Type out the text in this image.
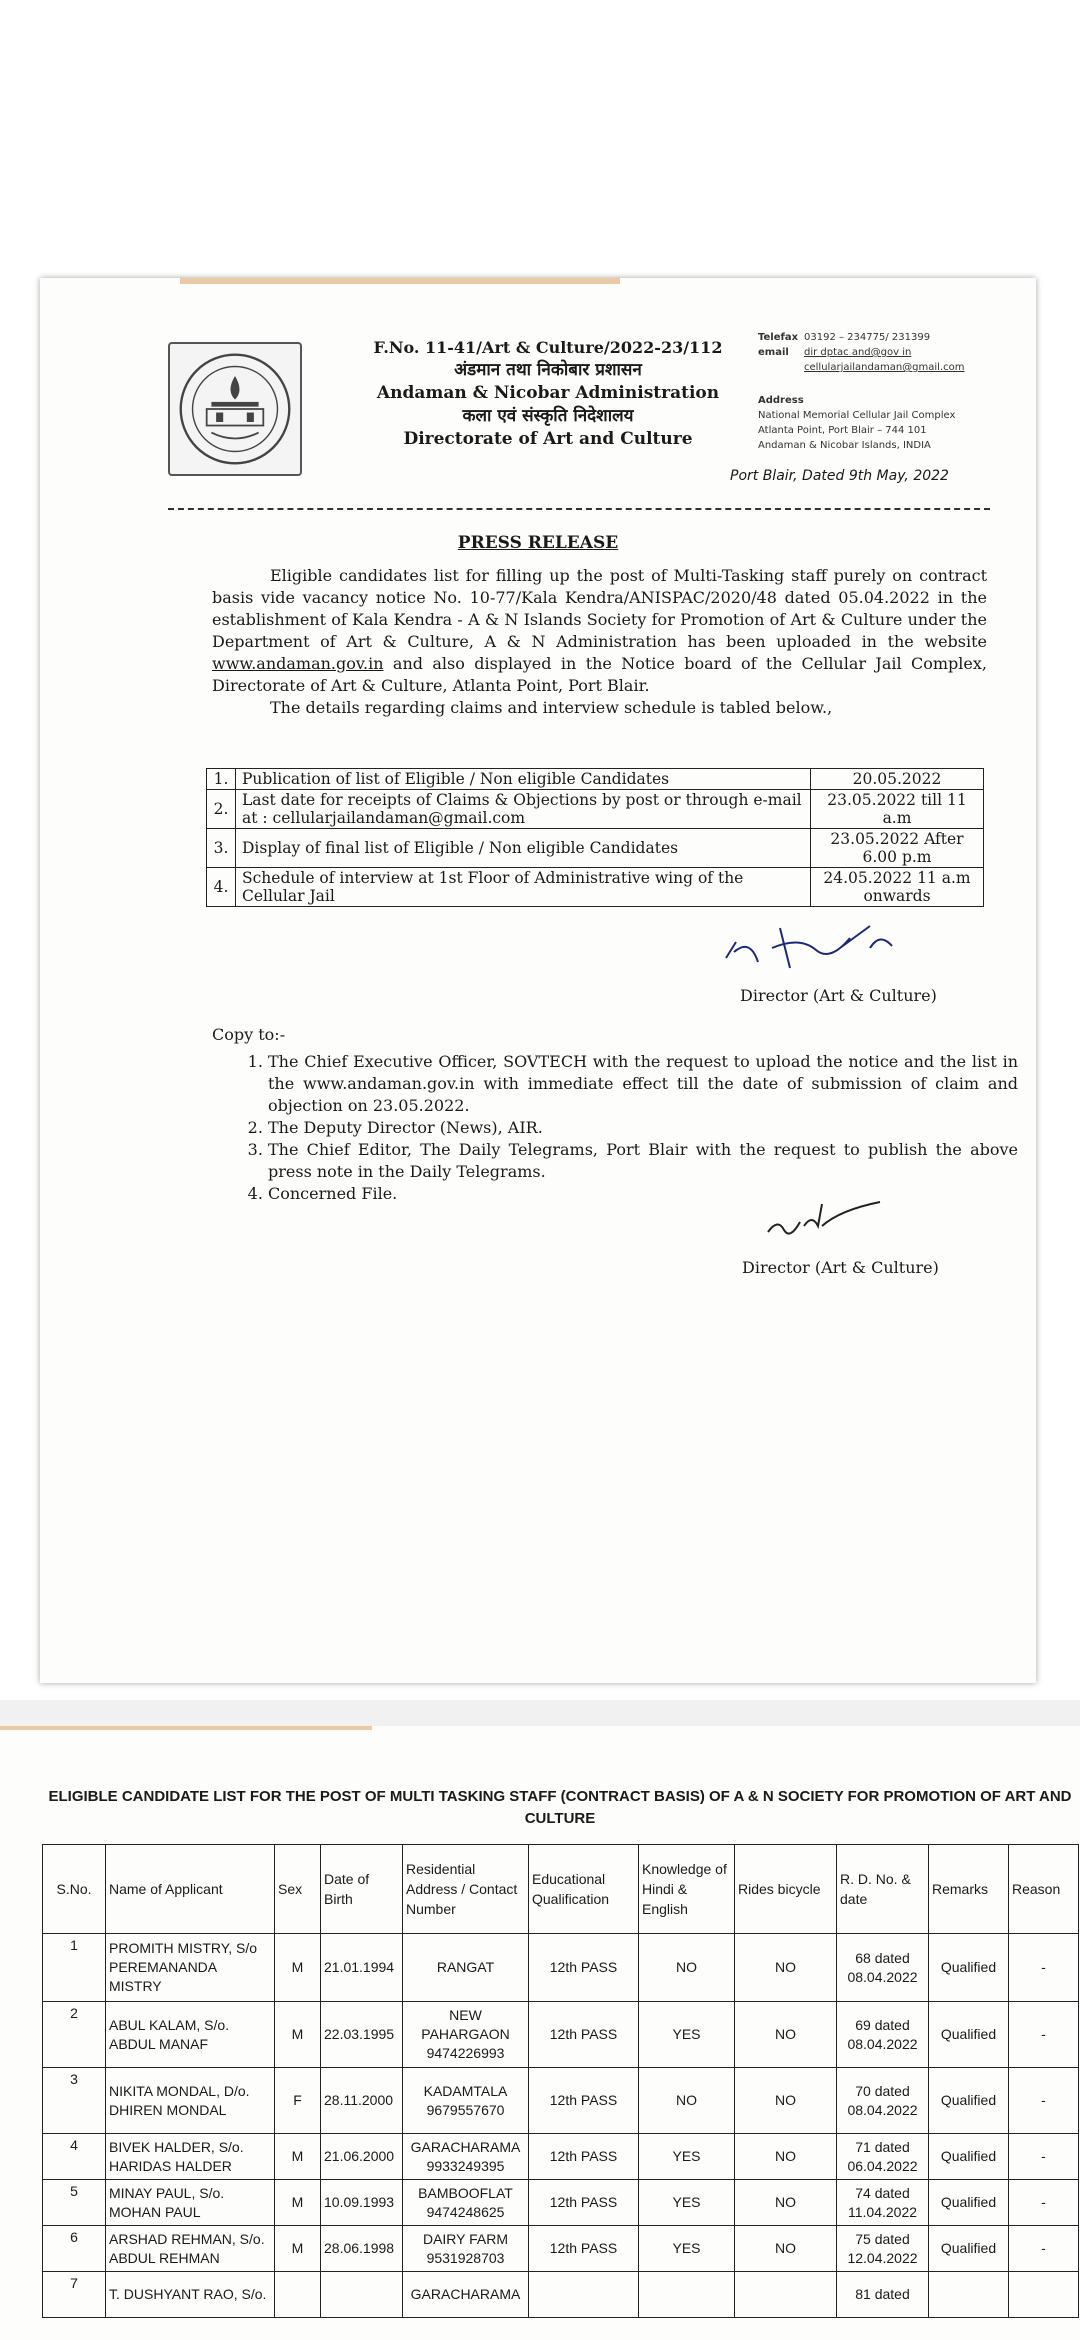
F.No. 11-41/Art & Culture/2022-23/112
अंडमान तथा निकोबार प्रशासन
Andaman & Nicobar Administration
कला एवं संस्कृति निदेशालय
Directorate of Art and Culture
Telefax 03192 – 234775/ 231399
email	dir dptac and@gov in
cellularjailandaman@gmail.com
Address
National Memorial Cellular Jail Complex
Atlanta Point, Port Blair – 744 101
Andaman & Nicobar Islands, INDIA
Port Blair, Dated 9th May, 2022
PRESS RELEASE

Eligible candidates list for filling up the post of Multi-Tasking staff purely on contract basis vide vacancy notice No. 10-77/Kala Kendra/ANISPAC/2020/48 dated 05.04.2022 in the establishment of Kala Kendra - A & N Islands Society for Promotion of Art & Culture under the Department of Art & Culture, A & N Administration has been uploaded in the website www.andaman.gov.in and also displayed in the Notice board of the Cellular Jail Complex, Directorate of Art & Culture, Atlanta Point, Port Blair.

The details regarding claims and interview schedule is tabled below.,

1.	Publication of list of Eligible / Non eligible Candidates	20.05.2022
2.	Last date for receipts of Claims & Objections by post or through e-mail at : cellularjailandaman@gmail.com	23.05.2022 till 11 a.m
3.	Display of final list of Eligible / Non eligible Candidates	23.05.2022 After 6.00 p.m
4.	Schedule of interview at 1st Floor of Administrative wing of the Cellular Jail	24.05.2022 11 a.m onwards
Director (Art & Culture)
Copy to:-
1. The Chief Executive Officer, SOVTECH with the request to upload the notice and the list in the www.andaman.gov.in with immediate effect till the date of submission of claim and objection on 23.05.2022.
2. The Deputy Director (News), AIR.
3. The Chief Editor, The Daily Telegrams, Port Blair with the request to publish the above press note in the Daily Telegrams.
4. Concerned File.
Director (Art & Culture)
ELIGIBLE CANDIDATE LIST FOR THE POST OF MULTI TASKING STAFF (CONTRACT BASIS) OF A & N SOCIETY FOR PROMOTION OF ART AND CULTURE
S.No.	Name of Applicant	Sex	Date of Birth	Residential Address / Contact Number	Educational Qualification	Knowledge of Hindi & English	Rides bicycle	R. D. No. & date	Remarks	Reason
1	PROMITH MISTRY, S/o PEREMANANDA MISTRY	M	21.01.1994	RANGAT	12th PASS	NO	NO	68 dated 08.04.2022	Qualified	-
2	ABUL KALAM, S/o. ABDUL MANAF	M	22.03.1995	NEW PAHARGAON 9474226993	12th PASS	YES	NO	69 dated 08.04.2022	Qualified	-
3	NIKITA MONDAL, D/o. DHIREN MONDAL	F	28.11.2000	KADAMTALA 9679557670	12th PASS	NO	NO	70 dated 08.04.2022	Qualified	-
4	BIVEK HALDER, S/o. HARIDAS HALDER	M	21.06.2000	GARACHARAMA 9933249395	12th PASS	YES	NO	71 dated 06.04.2022	Qualified	-
5	MINAY PAUL, S/o. MOHAN PAUL	M	10.09.1993	BAMBOOFLAT 9474248625	12th PASS	YES	NO	74 dated 11.04.2022	Qualified	-
6	ARSHAD REHMAN, S/o. ABDUL REHMAN	M	28.06.1998	DAIRY FARM 9531928703	12th PASS	YES	NO	75 dated 12.04.2022	Qualified	-
7	T. DUSHYANT RAO, S/o.			GARACHARAMA				81 dated		
